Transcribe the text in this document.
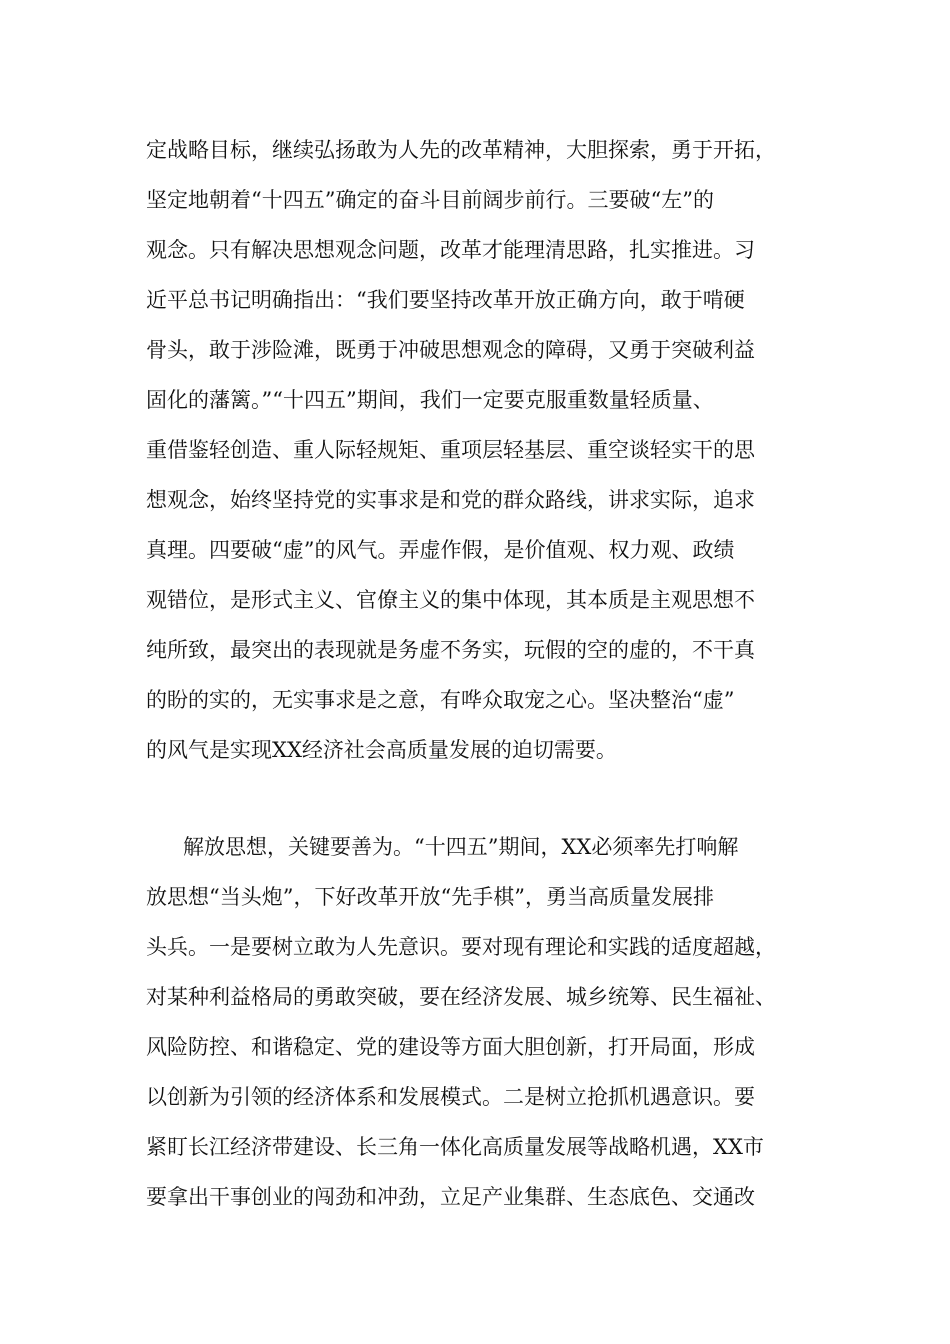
定战略目标，继续弘扬敢为人先的改革精神，大胆探索，勇于开拓，
坚定地朝着“十四五”确定的奋斗目前阔步前行。三要破“左”的
观念。只有解决思想观念问题，改革才能理清思路，扎实推进。习
近平总书记明确指出：“我们要坚持改革开放正确方向，敢于啃硬
骨头，敢于涉险滩，既勇于冲破思想观念的障碍，又勇于突破利益
固化的藩篱。”“十四五”期间，我们一定要克服重数量轻质量、
重借鉴轻创造、重人际轻规矩、重项层轻基层、重空谈轻实干的思
想观念，始终坚持党的实事求是和党的群众路线，讲求实际，追求
真理。四要破“虚”的风气。弄虚作假，是价值观、权力观、政绩
观错位，是形式主义、官僚主义的集中体现，其本质是主观思想不
纯所致，最突出的表现就是务虚不务实，玩假的空的虚的，不干真
的盼的实的，无实事求是之意，有哗众取宠之心。坚决整治“虚”
的风气是实现XX经济社会高质量发展的迫切需要。
解放思想，关键要善为。“十四五”期间，XX必须率先打响解
放思想“当头炮”，下好改革开放“先手棋”，勇当高质量发展排
头兵。一是要树立敢为人先意识。要对现有理论和实践的适度超越，
对某种利益格局的勇敢突破，要在经济发展、城乡统筹、民生福祉、
风险防控、和谐稳定、党的建设等方面大胆创新，打开局面，形成
以创新为引领的经济体系和发展模式。二是树立抢抓机遇意识。要
紧盯长江经济带建设、长三角一体化高质量发展等战略机遇，XX市
要拿出干事创业的闯劲和冲劲，立足产业集群、生态底色、交通改
